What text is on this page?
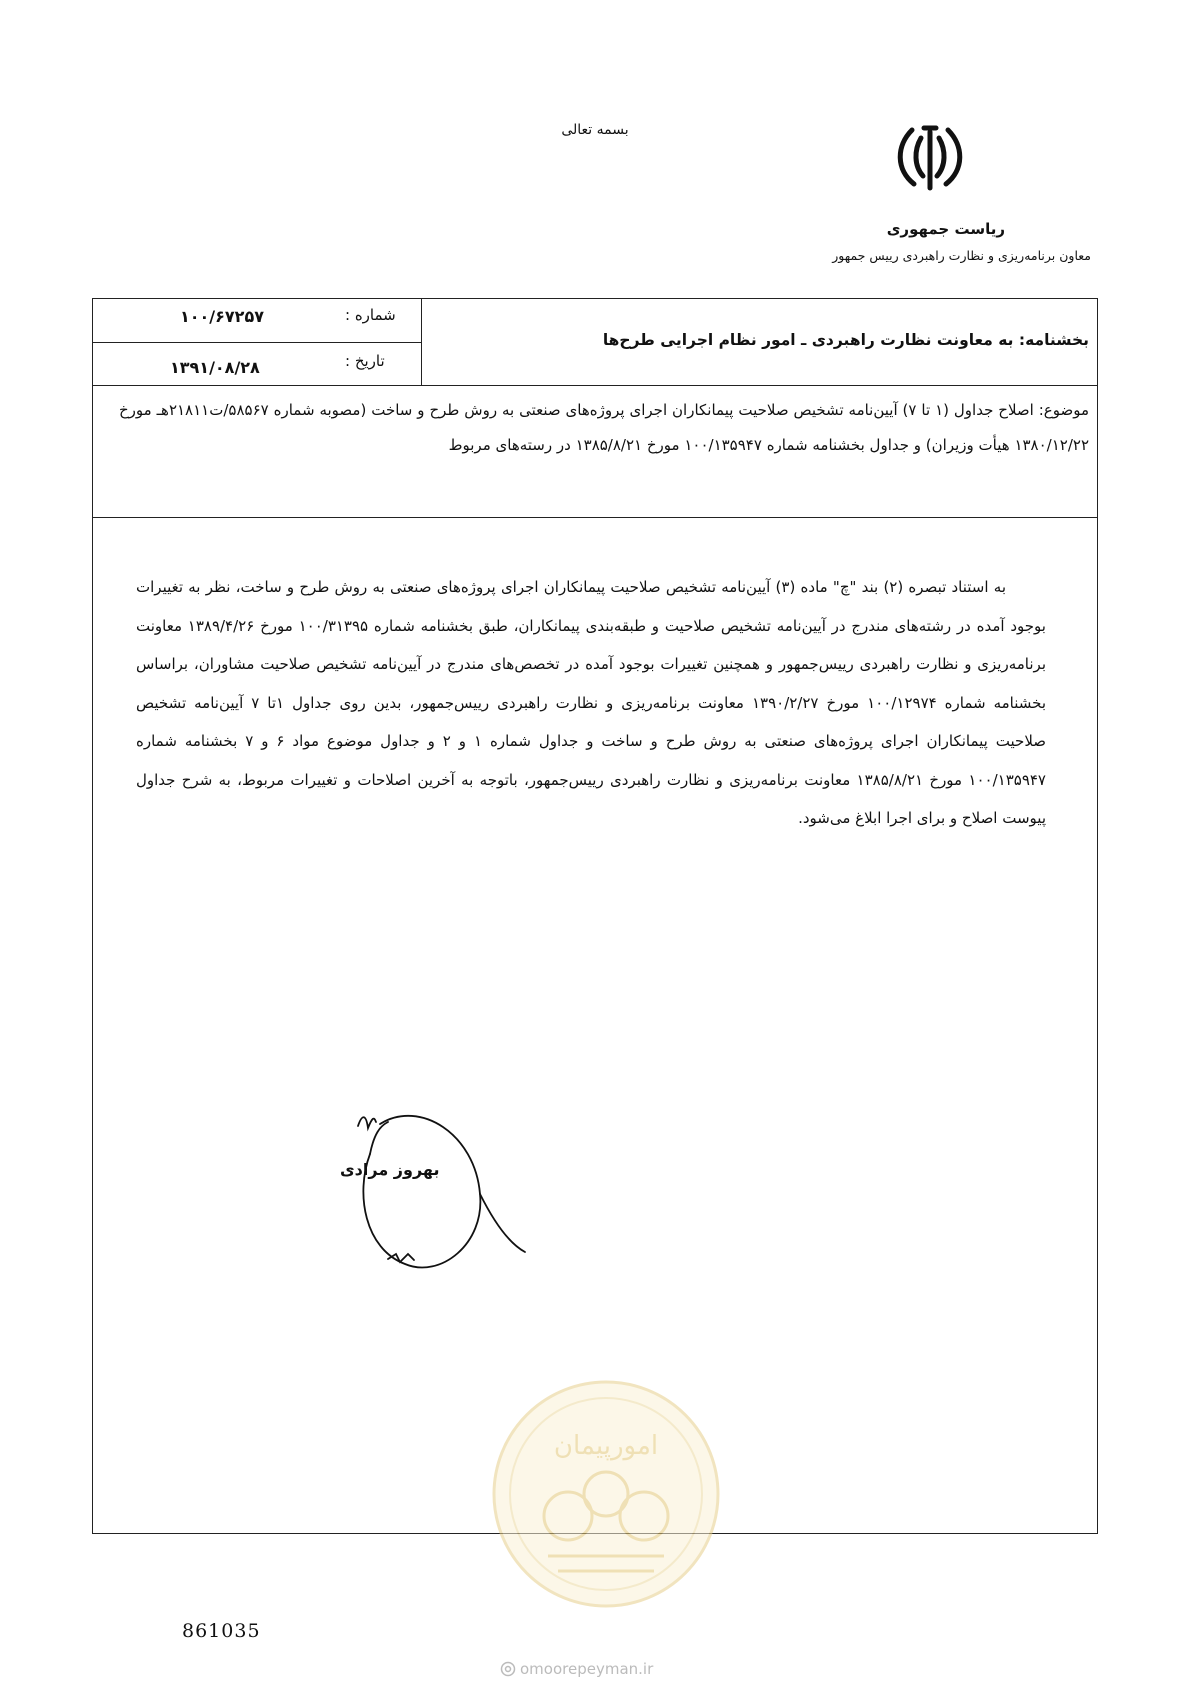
بسمه تعالی
ریاست جمهوری
معاون برنامه‌ریزی و نظارت راهبردی رییس جمهور
شماره :
۱۰۰/۶۷۲۵۷
تاریخ :
۱۳۹۱/۰۸/۲۸
بخشنامه: به معاونت نظارت راهبردی ـ امور نظام اجرایی طرح‌ها
موضوع: اصلاح جداول (۱ تا ۷) آیین‌نامه تشخیص صلاحیت پیمانکاران اجرای پروژه‌های صنعتی به روش طرح و ساخت (مصوبه شماره ۵۸۵۶۷/ت۲۱۸۱۱هـ مورخ ۱۳۸۰/۱۲/۲۲ هیأت وزیران) و جداول بخشنامه شماره ۱۰۰/۱۳۵۹۴۷ مورخ ۱۳۸۵/۸/۲۱ در رسته‌های مربوط
به استناد تبصره (۲) بند "چ" ماده (۳) آیین‌نامه تشخیص صلاحیت پیمانکاران اجرای پروژه‌های صنعتی به روش طرح و ساخت، نظر به تغییرات بوجود آمده در رشته‌های مندرج در آیین‌نامه تشخیص صلاحیت و طبقه‌بندی پیمانکاران، طبق بخشنامه شماره ۱۰۰/۳۱۳۹۵ مورخ ۱۳۸۹/۴/۲۶ معاونت برنامه‌ریزی و نظارت راهبردی رییس‌جمهور و همچنین تغییرات بوجود آمده در تخصص‌های مندرج در آیین‌نامه تشخیص صلاحیت مشاوران، براساس بخشنامه شماره ۱۰۰/۱۲۹۷۴ مورخ ۱۳۹۰/۲/۲۷ معاونت برنامه‌ریزی و نظارت راهبردی رییس‌جمهور، بدین روی جداول ۱تا ۷ آیین‌نامه تشخیص صلاحیت پیمانکاران اجرای پروژه‌های صنعتی به روش طرح و ساخت و جداول شماره ۱ و ۲ و جداول موضوع مواد ۶ و ۷ بخشنامه شماره ۱۰۰/۱۳۵۹۴۷ مورخ ۱۳۸۵/۸/۲۱ معاونت برنامه‌ریزی و نظارت راهبردی رییس‌جمهور، باتوجه به آخرین اصلاحات و تغییرات مربوط، به شرح جداول پیوست اصلاح و برای اجرا ابلاغ می‌شود.
بهروز مرادی
امورپیمان
861035
omoorepeyman.ir
